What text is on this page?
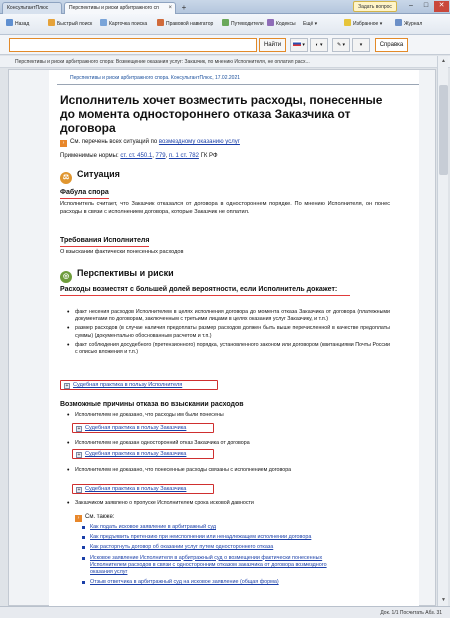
КонсультантПлюс	Перспективы и риски арбитражного сп ×	+	Задать вопрос	–	□	✕
Назад	Быстрый поиск	Карточка поиска	Правовой навигатор	Путеводители	Кодексы Ещё ▾	Избранное ▾	Журнал
Найти	▾	◐ ▾	✎ ▾	▾	Справка
Перспективы и риски арбитражного спора: Возмещение оказания услуг: Заказчик, по мнению Исполнителя, не оплатил расх...	▲
▼
Перспективы и риски арбитражного спора. КонсультантПлюс, 17.02.2021
Исполнитель хочет возместить расходы, понесенные до момента одностороннего отказа Заказчика от договора
› См. перечень всех ситуаций по возмездному оказанию услуг
Применимые нормы: ст. ст. 450.1, 779, п. 1 ст. 782 ГК РФ
⚖ Ситуация
Фабула спора
Исполнитель считает, что Заказчик отказался от договора в одностороннем порядке. По мнению Исполнителя, он понес расходы в связи с исполнением договора, которые Заказчик не оплатил.
Требования Исполнителя
О взыскании фактически понесенных расходов
◎ Перспективы и риски
Расходы возместят с большей долей вероятности, если Исполнитель докажет:
• факт несения расходов Исполнителем в целях исполнения договора до момента отказа Заказчика от договора (платежными документами по договорам, заключенным с третьими лицами в целях оказания услуг Заказчику, и т.п.)
• размер расходов (в случае наличия предоплаты размер расходов должен быть выше перечисленной в качестве предоплаты суммы) (документально обоснованным расчетом и т.п.)
• факт соблюдения досудебного (претензионного) порядка, установленного законом или договором (квитанциями Почты России с описью вложения и т.п.)
+ Судебная практика в пользу Исполнителя
Возможные причины отказа во взыскании расходов
• Исполнителем не доказано, что расходы им были понесены
+ Судебная практика в пользу Заказчика
• Исполнителем не доказан односторонний отказ Заказчика от договора
+ Судебная практика в пользу Заказчика
• Исполнителем не доказано, что понесенные расходы связаны с исполнением договора
+ Судебная практика в пользу Заказчика
• Заказчиком заявлено о пропуске Исполнителем срока исковой давности
› См. также:
Как подать исковое заявление в арбитражный суд
Как предъявить претензию при неисполнении или ненадлежащем исполнении договора
Как расторгнуть договор об оказании услуг путем одностороннего отказа
Исковое заявление Исполнителя в арбитражный суд о возмещении фактически понесенных Исполнителем расходов в связи с односторонним отказом заказчика от договора возмездного оказания услуг
Отзыв ответчика в арбитражный суд на исковое заявление (общая форма)
Док. 1/1 Посчитать Абз. 31
